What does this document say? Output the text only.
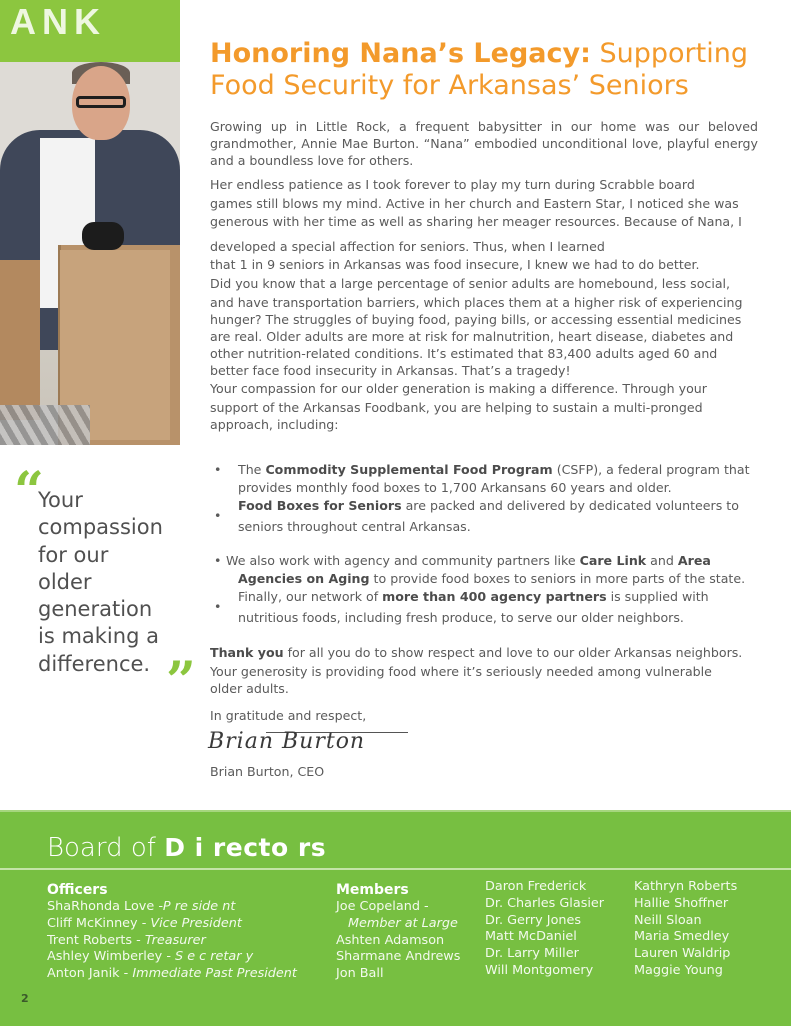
ANK
Honoring Nana’s Legacy: Supporting
Food Security for Arkansas’ Seniors
Growing up in Little Rock, a frequent babysitter in our home was our beloved grandmother, Annie Mae Burton. “Nana” embodied unconditional love, playful energy and a boundless love for others.
Her endless patience as I took forever to play my turn during Scrabble board
games still blows my mind. Active in her church and Eastern Star, I noticed she was
generous with her time as well as sharing her meager resources. Because of Nana, I
developed a special affection for seniors. Thus, when I learned
that 1 in 9 seniors in Arkansas was food insecure, I knew we had to do better.
Did you know that a large percentage of senior adults are homebound, less social,
and have transportation barriers, which places them at a higher risk of experiencing
hunger? The struggles of buying food, paying bills, or accessing essential medicines
are real. Older adults are more at risk for malnutrition, heart disease, diabetes and
other nutrition-related conditions. It’s estimated that 83,400 adults aged 60 and
better face food insecurity in Arkansas. That’s a tragedy!
Your compassion for our older generation is making a difference. Through your
support of the Arkansas Foodbank, you are helping to sustain a multi-pronged
approach, including:
• The Commodity Supplemental Food Program (CSFP), a federal program that
provides monthly food boxes to 1,700 Arkansans 60 years and older.
•
Food Boxes for Seniors are packed and delivered by dedicated volunteers to
seniors throughout central Arkansas.
• We also work with agency and community partners like Care Link and Area
Agencies on Aging to provide food boxes to seniors in more parts of the state.
•
Finally, our network of more than 400 agency partners is supplied with
nutritious foods, including fresh produce, to serve our older neighbors.
Thank you for all you do to show respect and love to our older Arkansas neighbors.
Your generosity is providing food where it’s seriously needed among vulnerable
older adults.
In gratitude and respect,
Brian Burton
Brian Burton, CEO
“
Your
compassion
for our
older
generation
is making a
difference. ”
Board of D i recto rs
Officers
ShaRhonda Love -P re side nt
Cliff McKinney - Vice President
Trent Roberts - Treasurer
Ashley Wimberley - S e c retar y
Anton Janik - Immediate Past President
Members
Joe Copeland -
Member at Large
Ashten Adamson
Sharmane Andrews
Jon Ball
Daron Frederick
Dr. Charles Glasier
Dr. Gerry Jones
Matt McDaniel
Dr. Larry Miller
Will Montgomery
Kathryn Roberts
Hallie Shoffner
Neill Sloan
Maria Smedley
Lauren Waldrip
Maggie Young
2
